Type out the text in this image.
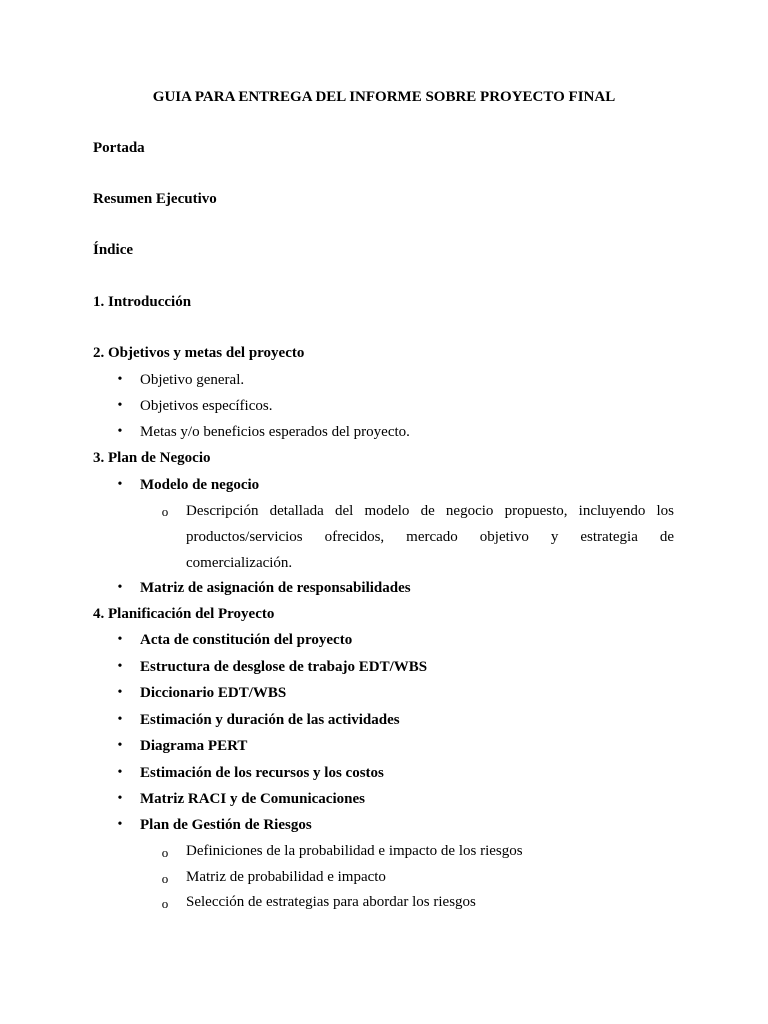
GUIA PARA ENTREGA DEL INFORME SOBRE PROYECTO FINAL
Portada
Resumen Ejecutivo
Índice
1. Introducción
2. Objetivos y metas del proyecto
• Objetivo general.
• Objetivos específicos.
• Metas y/o beneficios esperados del proyecto.
3. Plan de Negocio
• Modelo de negocio
o Descripción detallada del modelo de negocio propuesto, incluyendo los productos/servicios ofrecidos, mercado objetivo y estrategia de comercialización.
• Matriz de asignación de responsabilidades
4. Planificación del Proyecto
• Acta de constitución del proyecto
• Estructura de desglose de trabajo EDT/WBS
• Diccionario EDT/WBS
• Estimación y duración de las actividades
• Diagrama PERT
• Estimación de los recursos y los costos
• Matriz RACI y de Comunicaciones
• Plan de Gestión de Riesgos
o Definiciones de la probabilidad e impacto de los riesgos
o Matriz de probabilidad e impacto
o Selección de estrategias para abordar los riesgos
